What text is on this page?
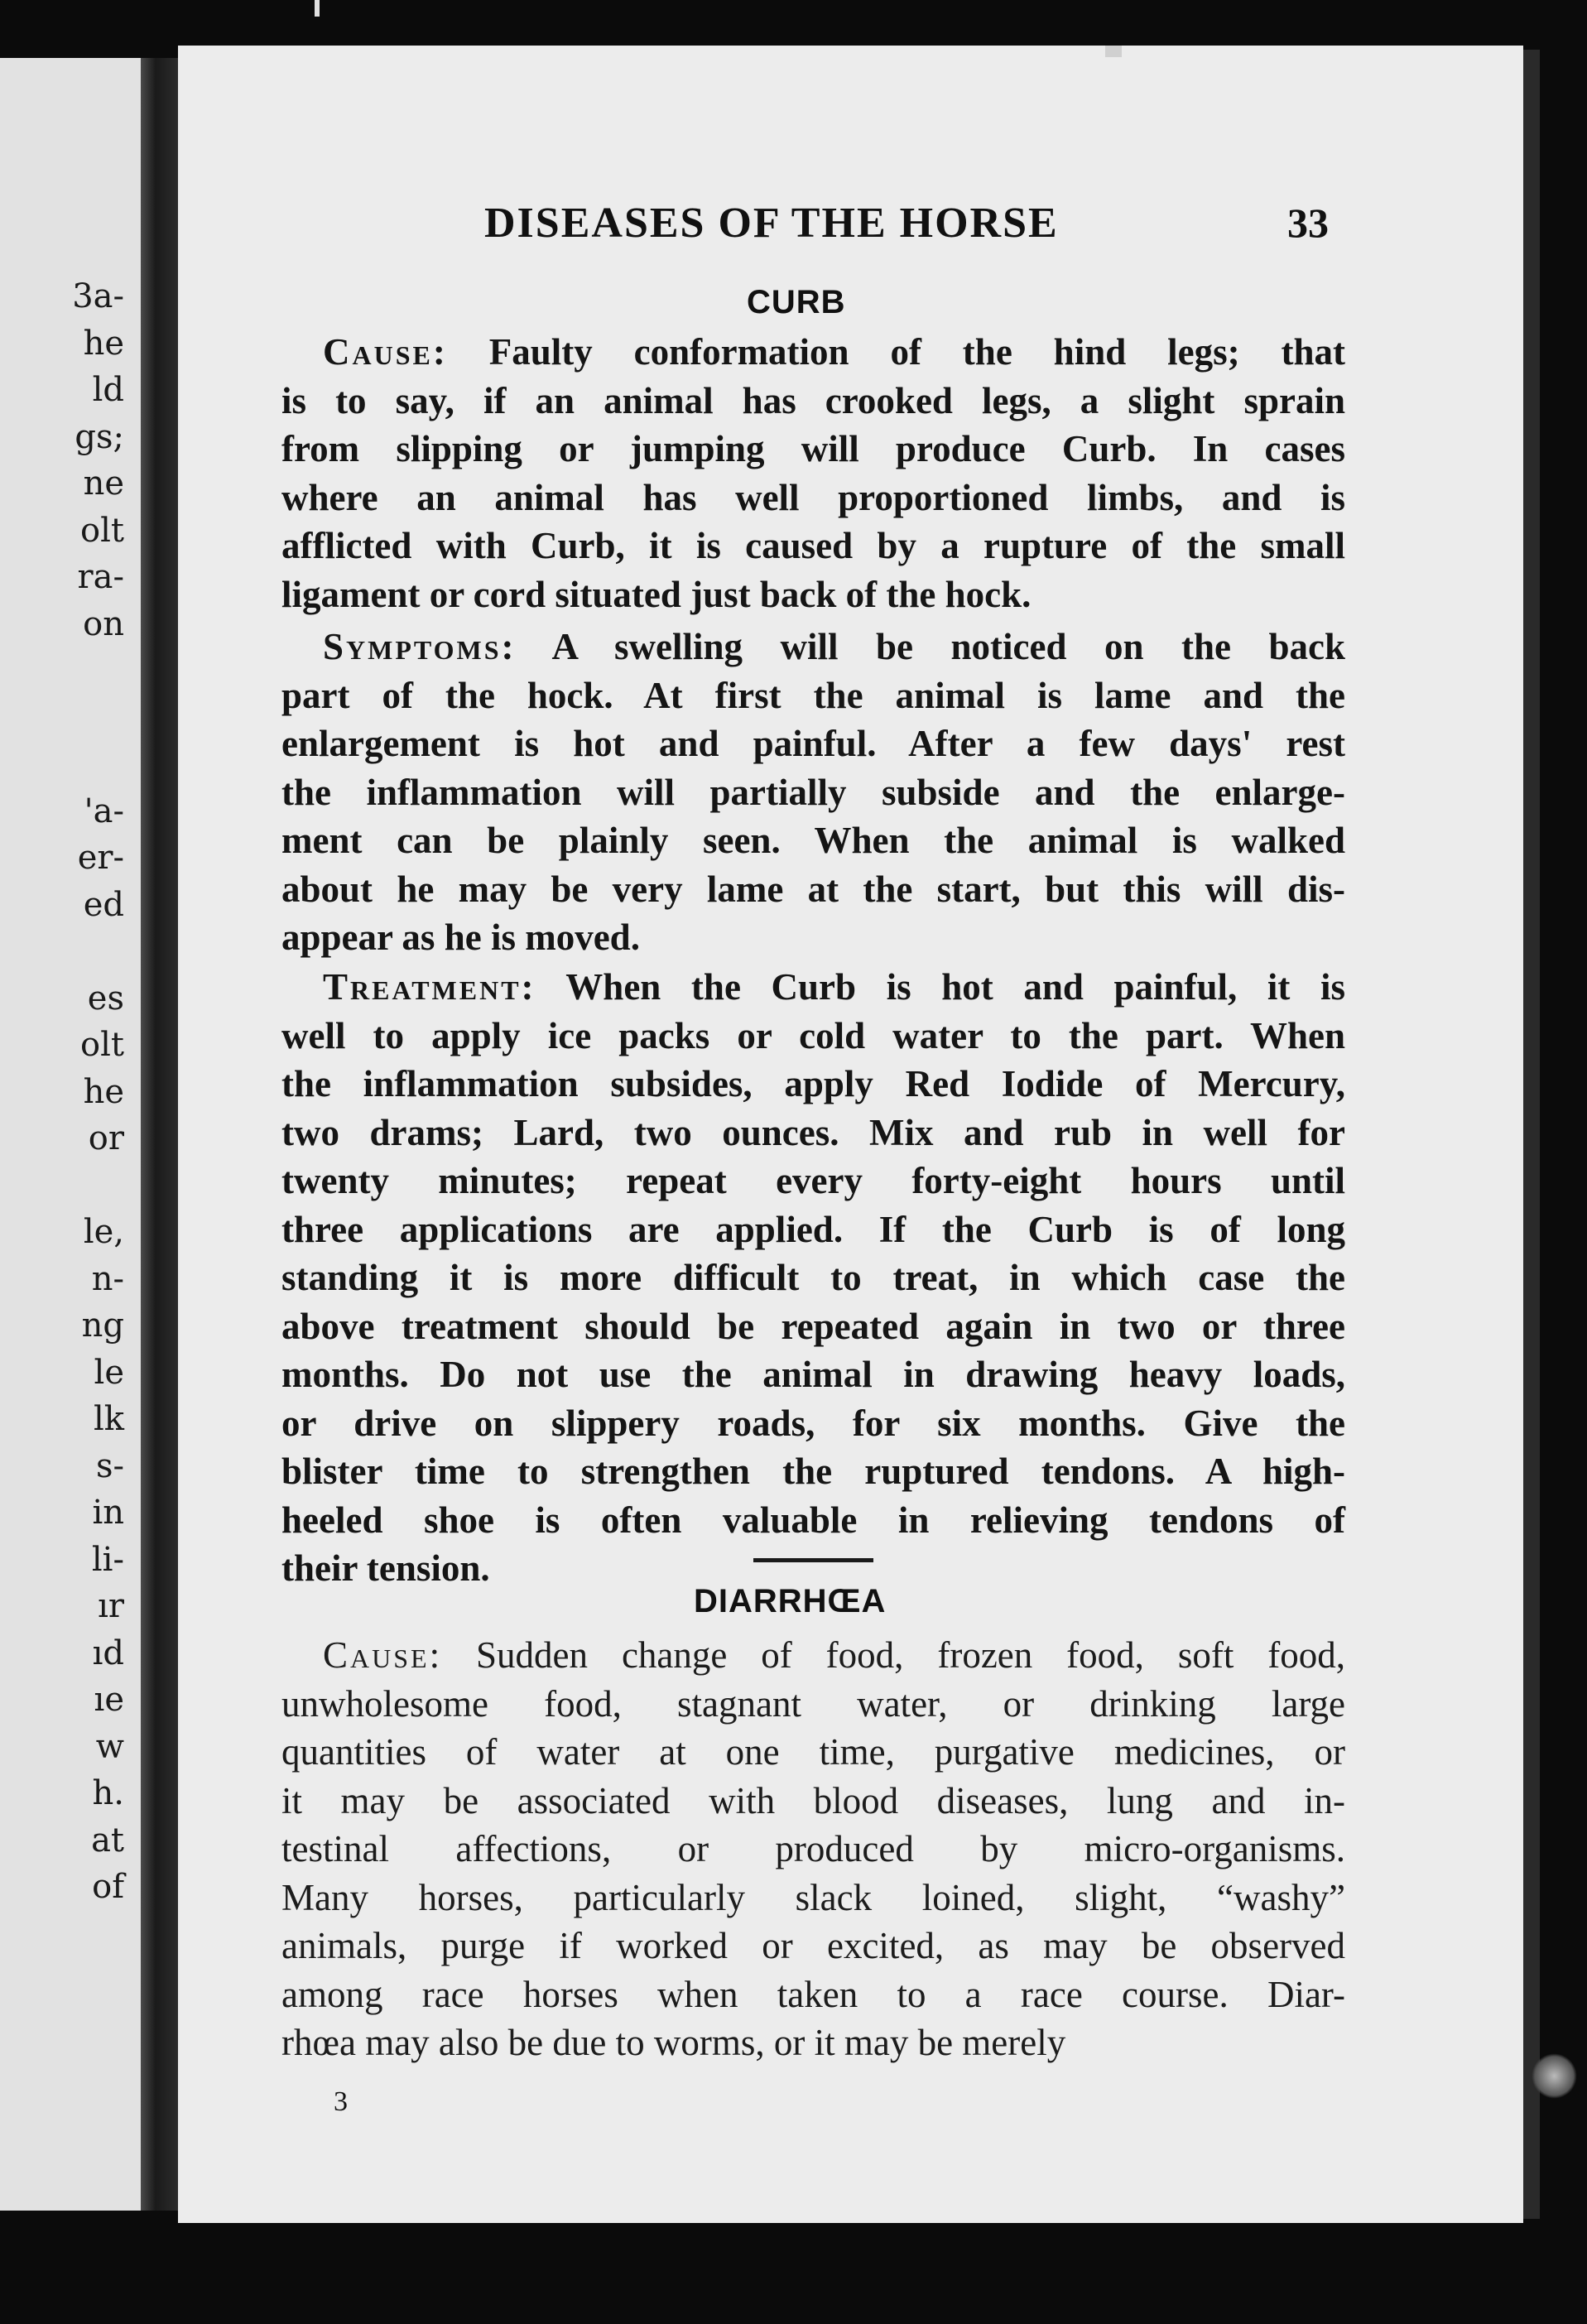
3a-
he
ld
gs;
ne
olt
ra-
on
'a-
er-
ed
es
olt
he
or
le,
n-
ng
le
lk
s-
in
li-
ır
ıd
ıe
w
h.
at
of
DISEASES OF THE HORSE	33
CURB
Cause: Faulty conformation of the hind legs; that
is to say, if an animal has crooked legs, a slight sprain
from slipping or jumping will produce Curb. In cases
where an animal has well proportioned limbs, and is
afflicted with Curb, it is caused by a rupture of the small
ligament or cord situated just back of the hock.
Symptoms: A swelling will be noticed on the back
part of the hock. At first the animal is lame and the
enlargement is hot and painful. After a few days' rest
the inflammation will partially subside and the enlarge-
ment can be plainly seen. When the animal is walked
about he may be very lame at the start, but this will dis-
appear as he is moved.
Treatment: When the Curb is hot and painful, it is
well to apply ice packs or cold water to the part. When
the inflammation subsides, apply Red Iodide of Mercury,
two drams; Lard, two ounces. Mix and rub in well for
twenty minutes; repeat every forty-eight hours until
three applications are applied. If the Curb is of long
standing it is more difficult to treat, in which case the
above treatment should be repeated again in two or three
months. Do not use the animal in drawing heavy loads,
or drive on slippery roads, for six months. Give the
blister time to strengthen the ruptured tendons. A high-
heeled shoe is often valuable in relieving tendons of
their tension.
DIARRHŒA
Cause: Sudden change of food, frozen food, soft food,
unwholesome food, stagnant water, or drinking large
quantities of water at one time, purgative medicines, or
it may be associated with blood diseases, lung and in-
testinal affections, or produced by micro-organisms.
Many horses, particularly slack loined, slight, “washy”
animals, purge if worked or excited, as may be observed
among race horses when taken to a race course. Diar-
rhœa may also be due to worms, or it may be merely
3
